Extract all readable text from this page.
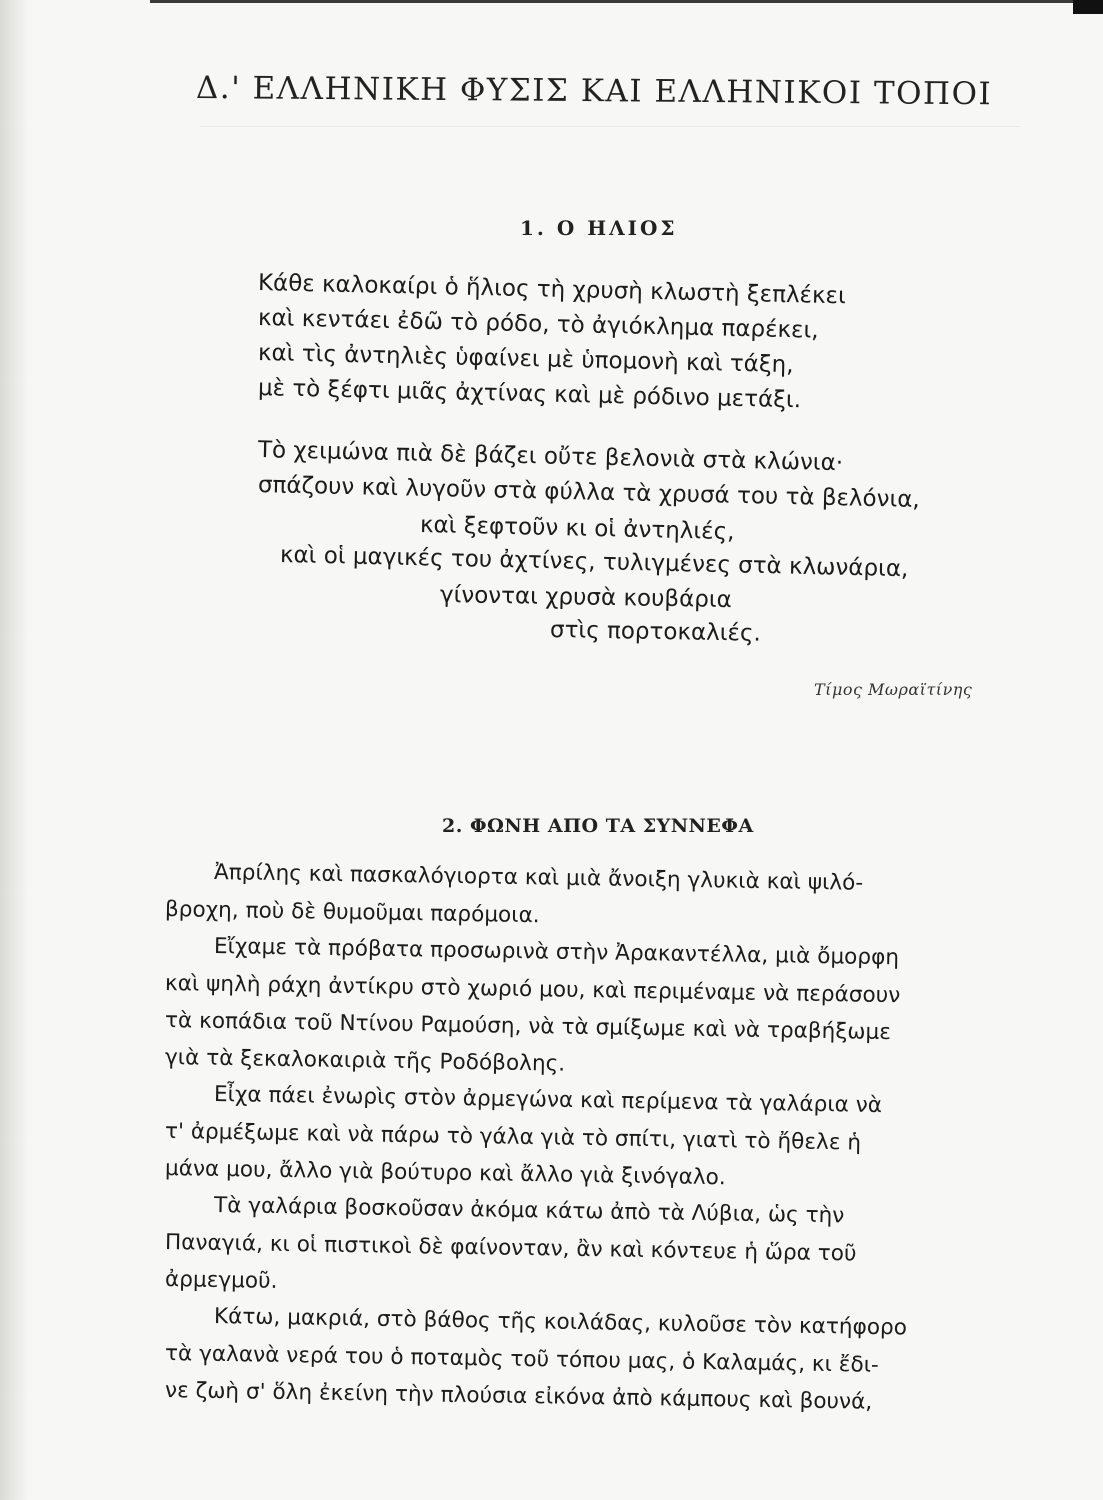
Δ.' ΕΛΛΗΝΙΚΗ ΦΥΣΙΣ ΚΑΙ ΕΛΛΗΝΙΚΟΙ ΤΟΠΟΙ
1. Ο ΗΛΙΟΣ

Κάθε καλοκαίρι ὁ ἥλιος τὴ χρυσὴ κλωστὴ ξεπλέκει

καὶ κεντάει ἐδῶ τὸ ρόδο, τὸ ἀγιόκλημα παρέκει,

καὶ τὶς ἀντηλιὲς ὑφαίνει μὲ ὑπομονὴ καὶ τάξη,

μὲ τὸ ξέφτι μιᾶς ἀχτίνας καὶ μὲ ρόδινο μετάξι.

Τὸ χειμώνα πιὰ δὲ βάζει οὔτε βελονιὰ στὰ κλώνια·

σπάζουν καὶ λυγοῦν στὰ φύλλα τὰ χρυσά του τὰ βελόνια,

καὶ ξεφτοῦν κι οἱ ἀντηλιές,

καὶ οἱ μαγικές του ἀχτίνες, τυλιγμένες στὰ κλωνάρια,

γίνονται χρυσὰ κουβάρια

στὶς πορτοκαλιές.

Τίμος Μωραϊτίνης

2. ΦΩΝΗ ΑΠΟ ΤΑ ΣΥΝΝΕΦΑ

Ἀπρίλης καὶ πασκαλόγιορτα καὶ μιὰ ἄνοιξη γλυκιὰ καὶ ψιλό-

βροχη, ποὺ δὲ θυμοῦμαι παρόμοια.

Εἴχαμε τὰ πρόβατα προσωρινὰ στὴν Ἀρακαντέλλα, μιὰ ὄμορφη

καὶ ψηλὴ ράχη ἀντίκρυ στὸ χωριό μου, καὶ περιμέναμε νὰ περάσουν

τὰ κοπάδια τοῦ Ντίνου Ραμούση, νὰ τὰ σμίξωμε καὶ νὰ τραβήξωμε

γιὰ τὰ ξεκαλοκαιριὰ τῆς Ροδόβολης.

Εἶχα πάει ἐνωρὶς στὸν ἀρμεγώνα καὶ περίμενα τὰ γαλάρια νὰ

τ' ἀρμέξωμε καὶ νὰ πάρω τὸ γάλα γιὰ τὸ σπίτι, γιατὶ τὸ ἤθελε ἡ

μάνα μου, ἄλλο γιὰ βούτυρο καὶ ἄλλο γιὰ ξινόγαλο.

Τὰ γαλάρια βοσκοῦσαν ἀκόμα κάτω ἀπὸ τὰ Λύβια, ὡς τὴν

Παναγιά, κι οἱ πιστικοὶ δὲ φαίνονταν, ἂν καὶ κόντευε ἡ ὥρα τοῦ

ἀρμεγμοῦ.

Κάτω, μακριά, στὸ βάθος τῆς κοιλάδας, κυλοῦσε τὸν κατήφορο

τὰ γαλανὰ νερά του ὁ ποταμὸς τοῦ τόπου μας, ὁ Καλαμάς, κι ἔδι-

νε ζωὴ σ' ὅλη ἐκείνη τὴν πλούσια εἰκόνα ἀπὸ κάμπους καὶ βουνά,
